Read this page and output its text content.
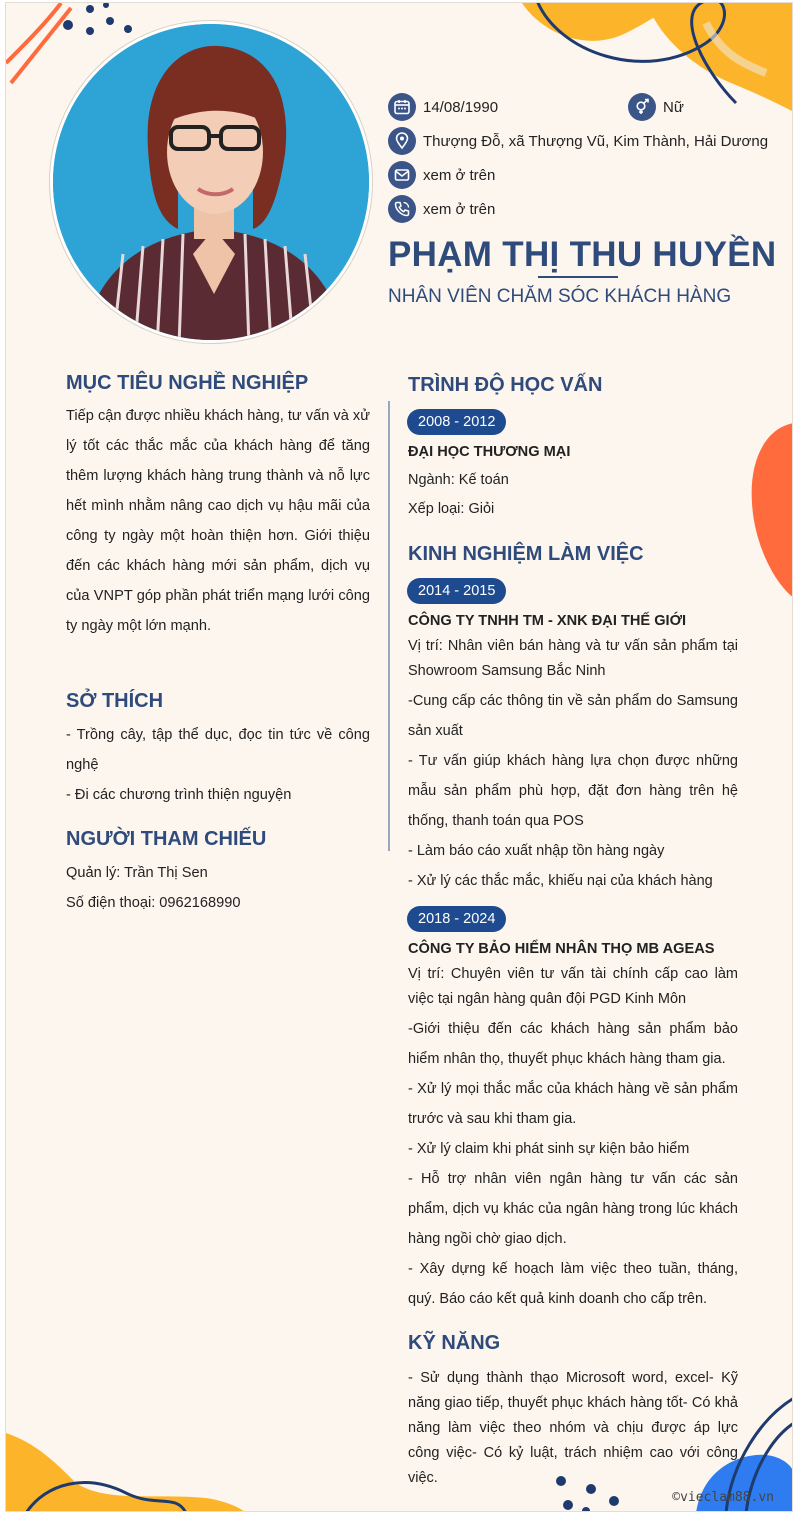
14/08/1990	Nữ
Thượng Đỗ, xã Thượng Vũ, Kim Thành, Hải Dương
xem ở trên
xem ở trên
PHẠM THỊ THU HUYỀN
NHÂN VIÊN CHĂM SÓC KHÁCH HÀNG
MỤC TIÊU NGHỀ NGHIỆP
Tiếp cận được nhiều khách hàng, tư vấn và xử lý tốt các thắc mắc của khách hàng để tăng thêm lượng khách hàng trung thành và nỗ lực hết mình nhằm nâng cao dịch vụ hậu mãi của công ty ngày một hoàn thiện hơn. Giới thiệu đến các khách hàng mới sản phẩm, dịch vụ của VNPT góp phần phát triển mạng lưới công ty ngày một lớn mạnh.
SỞ THÍCH
- Trồng cây, tập thể dục, đọc tin tức về công nghệ
- Đi các chương trình thiện nguyện
NGƯỜI THAM CHIẾU
Quản lý: Trần Thị Sen
Số điện thoại: 0962168990
TRÌNH ĐỘ HỌC VẤN
2008 - 2012
ĐẠI HỌC THƯƠNG MẠI
Ngành: Kế toán
Xếp loại: Giỏi
KINH NGHIỆM LÀM VIỆC
2014 - 2015
CÔNG TY TNHH TM - XNK ĐẠI THẾ GIỚI
Vị trí: Nhân viên bán hàng và tư vấn sản phẩm tại Showroom Samsung Bắc Ninh
-Cung cấp các thông tin về sản phẩm do Samsung sản xuất
- Tư vấn giúp khách hàng lựa chọn được những mẫu sản phẩm phù hợp, đặt đơn hàng trên hệ thống, thanh toán qua POS
- Làm báo cáo xuất nhập tồn hàng ngày
- Xử lý các thắc mắc, khiếu nại của khách hàng
2018 - 2024
CÔNG TY BẢO HIỂM NHÂN THỌ MB AGEAS
Vị trí: Chuyên viên tư vấn tài chính cấp cao làm việc tại ngân hàng quân đội PGD Kinh Môn
-Giới thiệu đến các khách hàng sản phẩm bảo hiểm nhân thọ, thuyết phục khách hàng tham gia.
- Xử lý mọi thắc mắc của khách hàng về sản phẩm trước và sau khi tham gia.
- Xử lý claim khi phát sinh sự kiện bảo hiểm
- Hỗ trợ nhân viên ngân hàng tư vấn các sản phẩm, dịch vụ khác của ngân hàng trong lúc khách hàng ngồi chờ giao dịch.
- Xây dựng kế hoạch làm việc theo tuần, tháng, quý. Báo cáo kết quả kinh doanh cho cấp trên.
KỸ NĂNG
- Sử dụng thành thạo Microsoft word, excel- Kỹ năng giao tiếp, thuyết phục khách hàng tốt- Có khả năng làm việc theo nhóm và chịu được áp lực công việc- Có kỷ luật, trách nhiệm cao với công việc.
©vieclam88.vn
